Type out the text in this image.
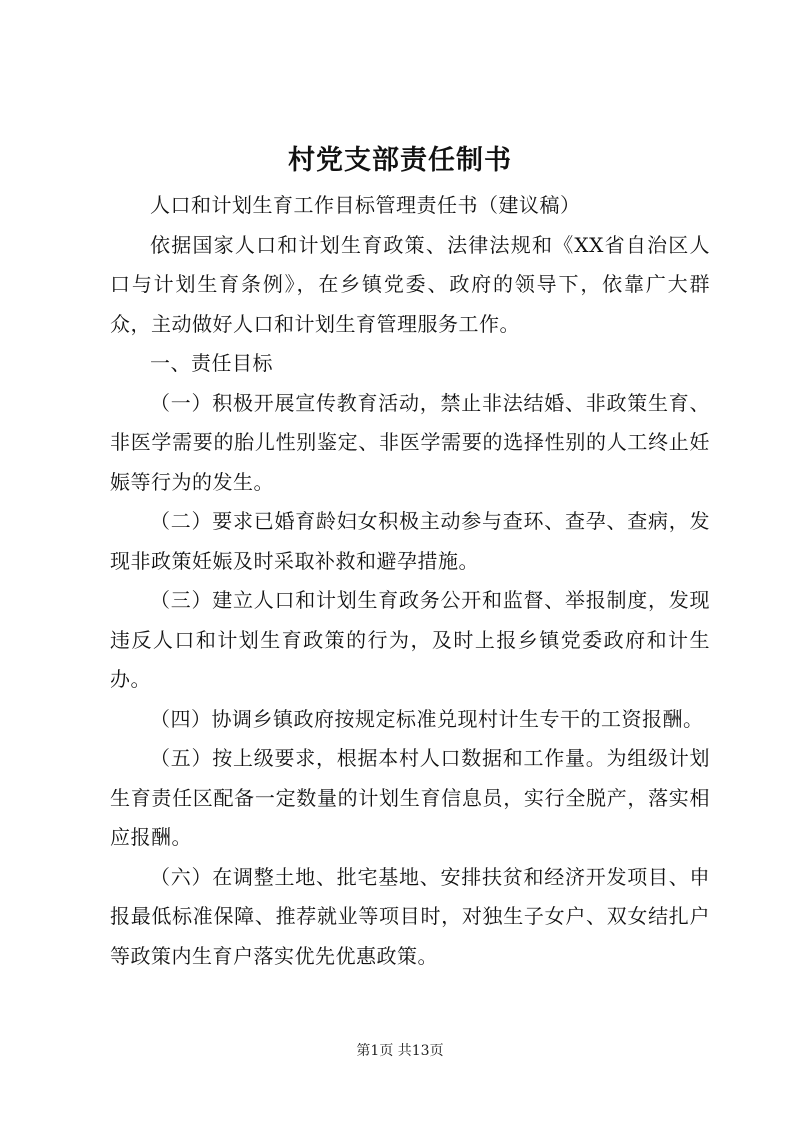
村党支部责任制书

人口和计划生育工作目标管理责任书（建议稿）

依据国家人口和计划生育政策、法律法规和《XX省自治区人口与计划生育条例》，在乡镇党委、政府的领导下，依靠广大群众，主动做好人口和计划生育管理服务工作。

一、责任目标

（一）积极开展宣传教育活动，禁止非法结婚、非政策生育、非医学需要的胎儿性别鉴定、非医学需要的选择性别的人工终止妊娠等行为的发生。

（二）要求已婚育龄妇女积极主动参与查环、查孕、查病，发现非政策妊娠及时采取补救和避孕措施。

（三）建立人口和计划生育政务公开和监督、举报制度，发现违反人口和计划生育政策的行为，及时上报乡镇党委政府和计生办。

（四）协调乡镇政府按规定标准兑现村计生专干的工资报酬。

（五）按上级要求，根据本村人口数据和工作量。为组级计划生育责任区配备一定数量的计划生育信息员，实行全脱产，落实相应报酬。

（六）在调整土地、批宅基地、安排扶贫和经济开发项目、申报最低标准保障、推荐就业等项目时，对独生子女户、双女结扎户等政策内生育户落实优先优惠政策。

第1页 共13页
